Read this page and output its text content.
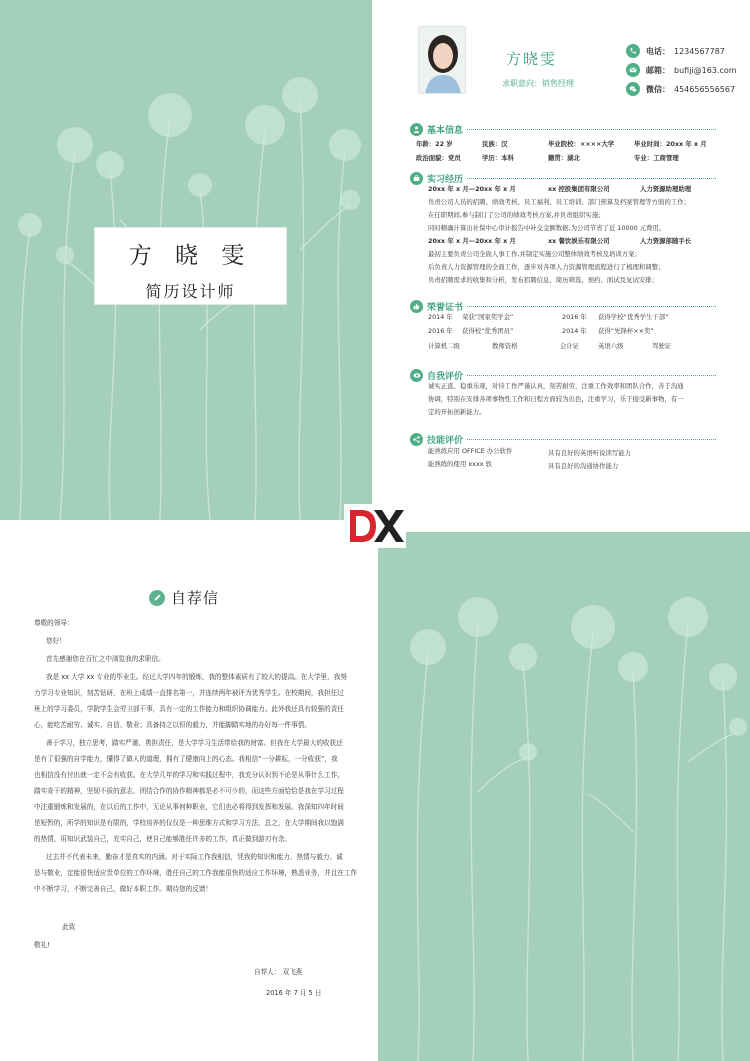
方 晓 雯
简历设计师
方晓雯
求职意向：销售经理
电话： 1234567787
邮箱： bufiji@163.com
微信： 454656556567
基本信息
年龄：22 岁	民族：汉	毕业院校：××××大学	毕业时间：20xx 年 x 月
政治面貌：党员	学历：本科	籍贯：湖北	专业：工商管理
实习经历
20xx 年 x 月—20xx 年 x 月	xx 控股集团有限公司	人力资源助理助理
负责公司人员的招聘、绩效考核、员工福利、员工培训、部门预算及档案管理等方面的工作；
在任职期间,参与制订了公司的绩效考核方案,并负责组织实施；
同时精确计算出社保中心审计报告中补交金额数据,为公司节省了近 10000 元费用。
20xx 年 x 月—20xx 年 x 月	xx 餐饮娱乐有限公司	人力资源部随手长
最初主要负责公司全面人事工作,并制定实施公司整体绩效考核及培训方案；
后负责人力资源管理的全面工作，逐步对各项人力资源管理流程进行了梳理和调整；
负责招聘需求的收集和分析，发布招聘信息，简历筛选、预约、面试及复试安排；
荣誉证书
2014 年 荣获“国家奖学金”	2016 年 获得学校“优秀学生干部”
2016 年 获得校“优秀团员”	2014 年 获得“先锋杯××奖”
计算机二级	教师资格	会计证	英语六级	驾驶证
自我评价
诚实正直、稳重乐观，对待工作严谨认真，刻苦耐劳，注重工作效率和团队合作，善于沟通
协调，特别在安排各项事物性工作和日程方面较为出色，注重学习，乐于接受新事物，有一
定的开拓创新能力。
技能评价
能熟练应用 OFFICE 办公软件	具有良好的英语听说读写能力
能熟练的使用 xxxx 软	具有良好的沟通协作能力
自荐信
尊敬的领导：
您好！
首先感谢您在百忙之中浏览我的求职信。
我是 xx 大学 xx 专业的毕业生。经过大学四年的锻炼，我的整体素质有了较大的提高。在大学里，我努
力学习专业知识，刻苦钻研，在班上成绩一直排名第一，并连续两年被评为优秀学生。在校期间，我担任过
班上的学习委员，学院学生会劳卫部干事，具有一定的工作能力和组织协调能力。此外我还具有较强的责任
心，能吃苦耐劳、诚实、自信、敬业；具备持之以恒的毅力，并能脚踏实地的办好每一件事情。
善于学习，独立思考，踏实严谨，勇担责任，是大学学习生活带给我的财富。但我在大学最大的收获还
是有了很强的自学能力，懂得了做人的道理，拥有了健康向上的心态。我相信“一分耕耘，一分收获”，我
也相信没有付出就一定不会有收获。在大学几年的学习和实践过程中，我充分认识到不论是从事什么工作，
踏实肯干的精神，坚韧不拔的意志，团结合作的协作精神都是必不可少的，而这些方面恰恰是我在学习过程
中注重锻炼和发展的，在以后的工作中，无论从事何种职业，它们也必将得到发挥和发展。我深知四年时间
是短暂的，所学的知识是有限的，学校培养的仅仅是一种思维方式和学习方法，总之，在大学期间我以饱满
的热情，用知识武装自己，充实自己，使自己能够胜任许多的工作，真正做到游刃有余。
过去并不代表未来，勤奋才是真实的内涵。对于实际工作我相信，凭我的知识和能力、热情与毅力、诚
恳与敬业，定能很快适应贵单位的工作环境，胜任自己的工作我能很快的适应工作环境，熟悉业务，并且在工作
中不断学习，不断完善自己，做好本职工作。期待您的反馈！
此致
敬礼!
自荐人： 双飞燕
2016 年 7 月 5 日
